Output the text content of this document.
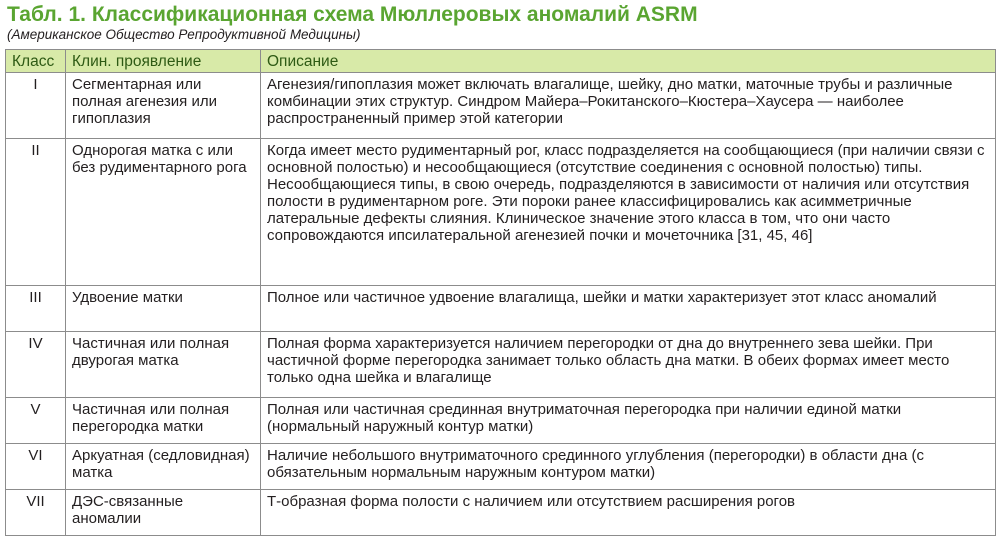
Табл. 1. Классификационная схема Мюллеровых аномалий ASRM
(Американское Общество Репродуктивной Медицины)
Класс	Клин. проявление	Описание
I	Сегментарная или полная агенезия или гипоплазия	Агенезия/гипоплазия может включать влагалище, шейку, дно матки, маточные трубы и различные комбинации этих структур. Синдром Майера–Рокитанского–Кюстера–Хаусера — наиболее распространенный пример этой категории
II	Однорогая матка с или без рудиментарного рога	Когда имеет место рудиментарный рог, класс подразделяется на сообщающиеся (при наличии связи с основной полостью) и несообщающиеся (отсутствие соединения с основной полостью) типы. Несообщающиеся типы, в свою очередь, подразделяются в зависимости от наличия или отсутствия полости в рудиментарном роге. Эти пороки ранее классифицировались как асимметричные латеральные дефекты слияния. Клиническое значение этого класса в том, что они часто сопровождаются ипсилатеральной агенезией почки и мочеточника [31, 45, 46]
III	Удвоение матки	Полное или частичное удвоение влагалища, шейки и матки характеризует этот класс аномалий
IV	Частичная или полная двурогая матка	Полная форма характеризуется наличием перегородки от дна до внутреннего зева шейки. При частичной форме перегородка занимает только область дна матки. В обеих формах имеет место только одна шейка и влагалище
V	Частичная или полная перегородка матки	Полная или частичная срединная внутриматочная перегородка при наличии единой матки (нормальный наружный контур матки)
VI	Аркуатная (седловидная) матка	Наличие небольшого внутриматочного срединного углубления (перегородки) в области дна (с обязательным нормальным наружным контуром матки)
VII	ДЭС-связанные аномалии	Т-образная форма полости с наличием или отсутствием расширения рогов
